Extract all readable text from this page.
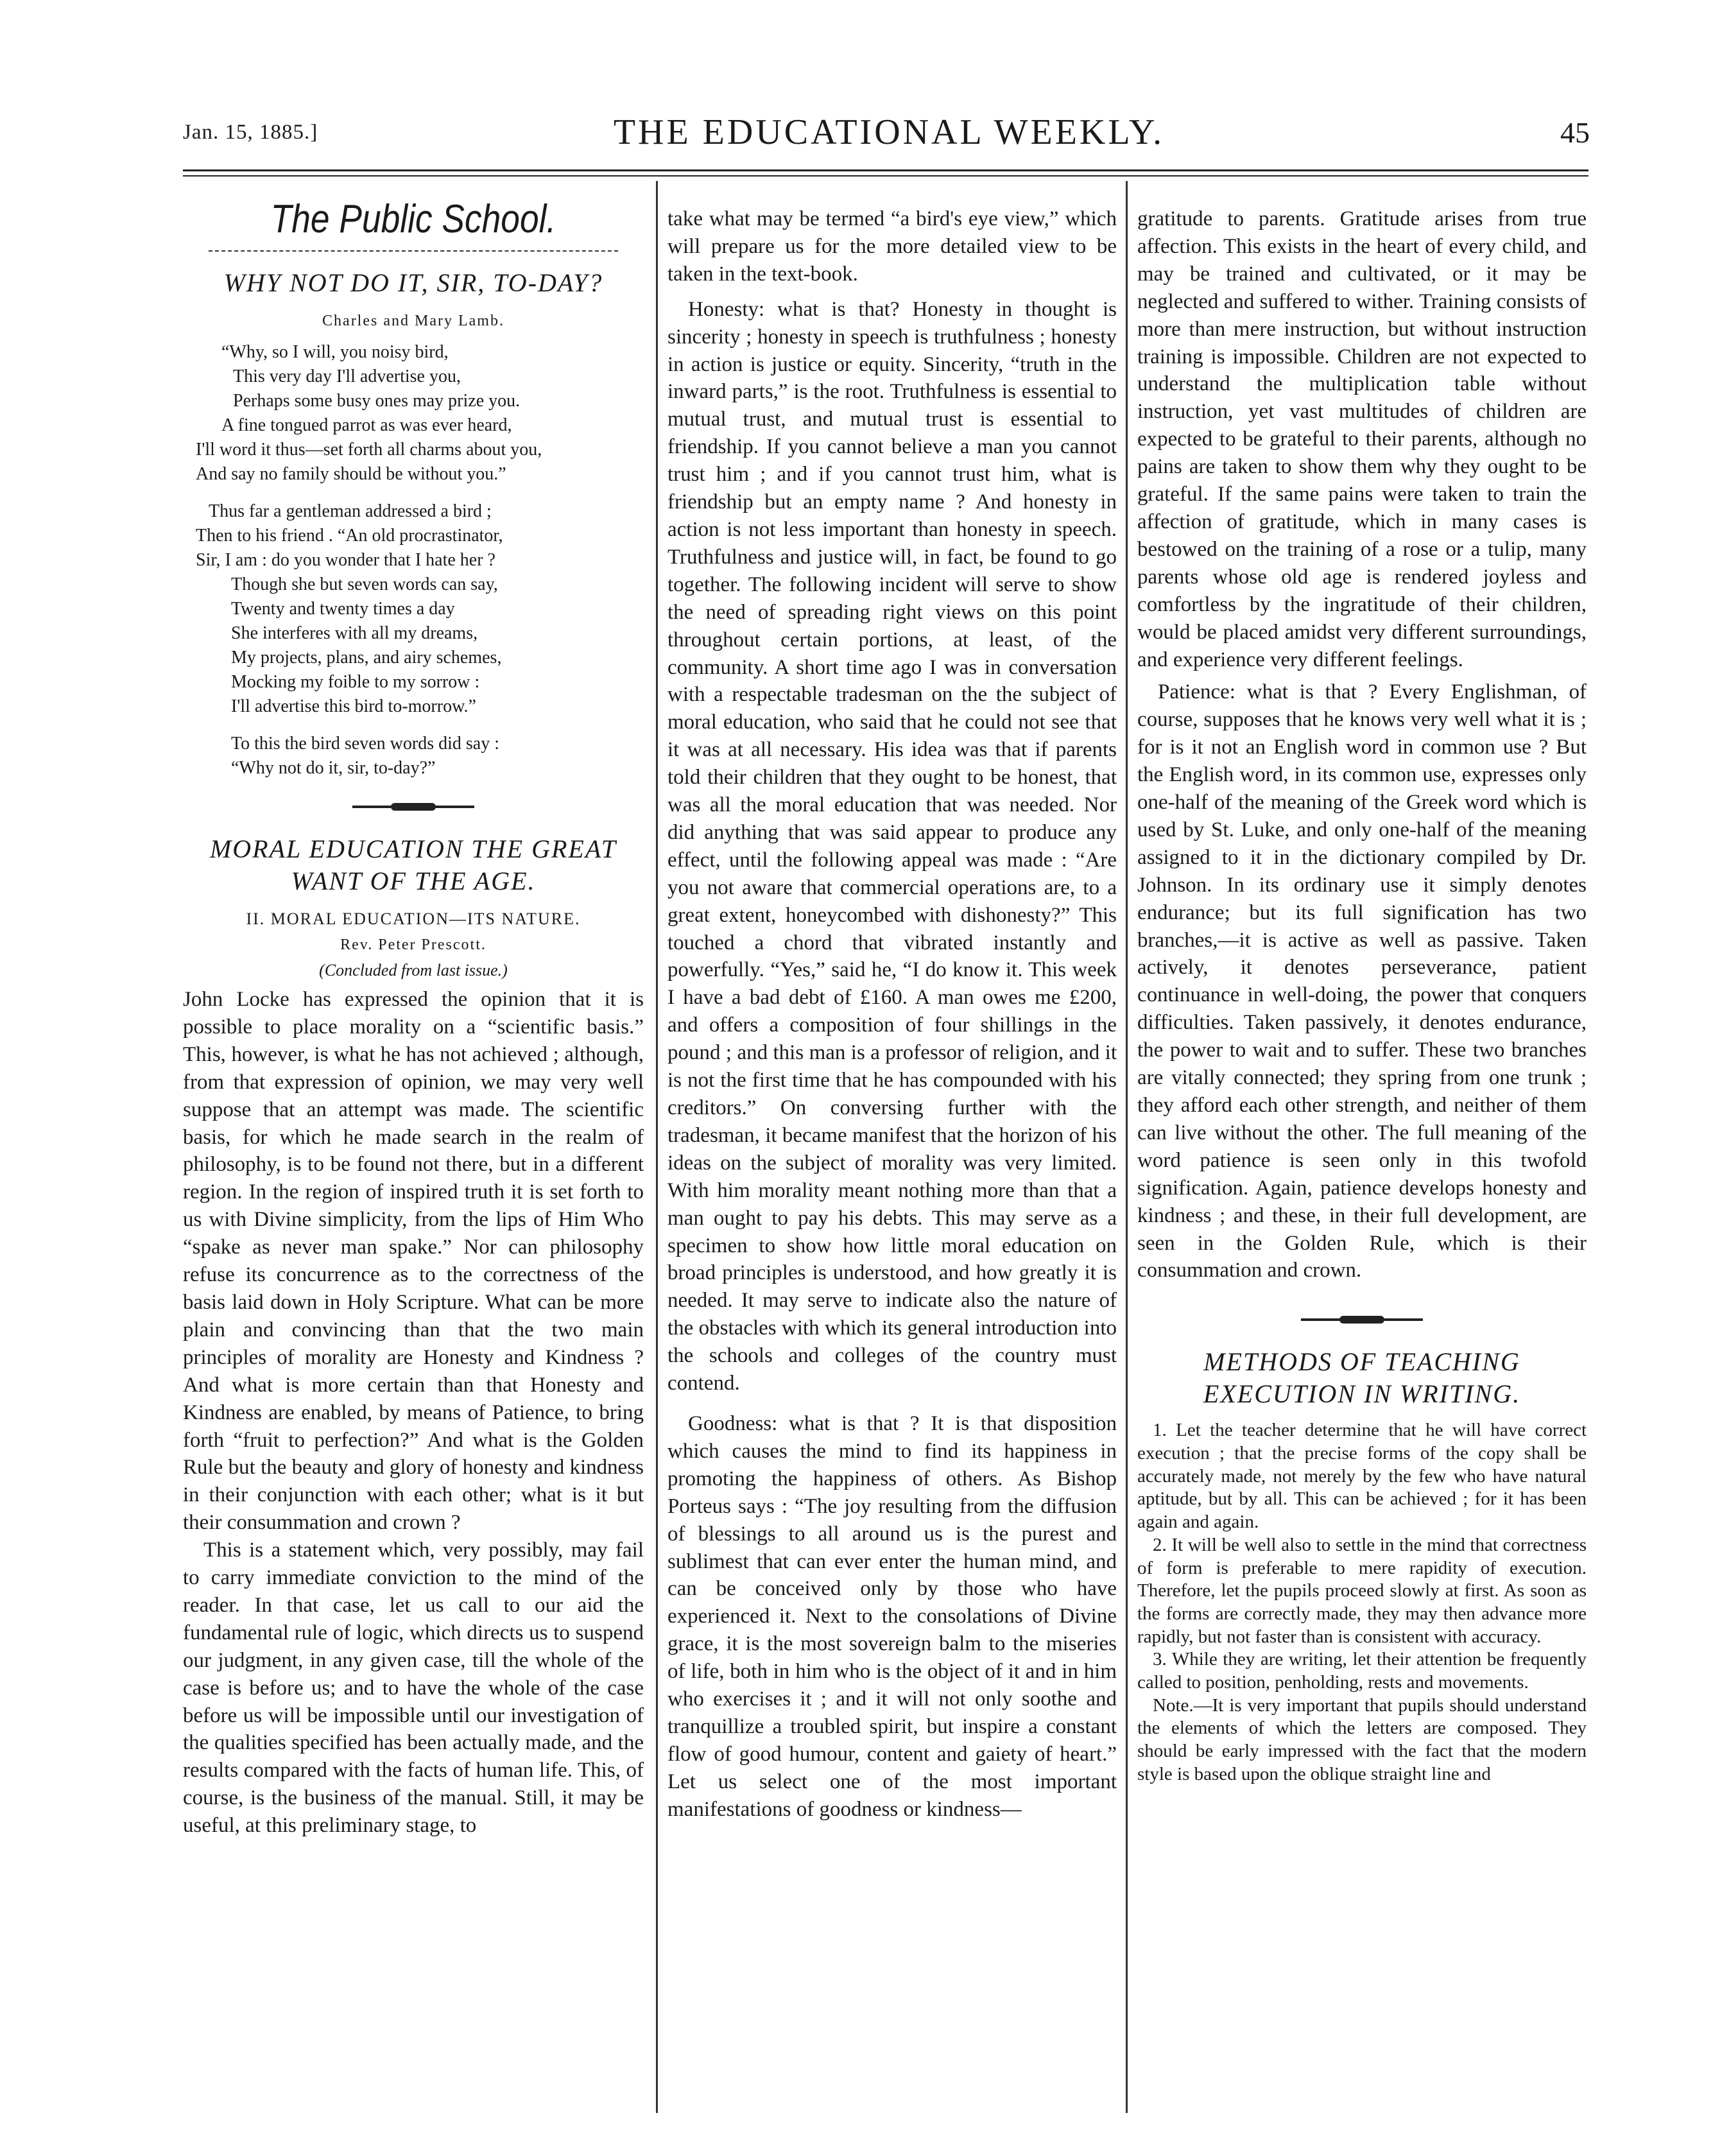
Jan. 15, 1885.]	THE EDUCATIONAL WEEKLY.	45
The Public School.
WHY NOT DO IT, SIR, TO-DAY?
Charles and Mary Lamb.
“Why, so I will, you noisy bird,
This very day I'll advertise you,
Perhaps some busy ones may prize you.
A fine tongued parrot as was ever heard,
I'll word it thus—set forth all charms about you,
And say no family should be without you.”
Thus far a gentleman addressed a bird ;
Then to his friend . “An old procrastinator,
Sir, I am : do you wonder that I hate her ?
Though she but seven words can say,
Twenty and twenty times a day
She interferes with all my dreams,
My projects, plans, and airy schemes,
Mocking my foible to my sorrow :
I'll advertise this bird to-morrow.”
To this the bird seven words did say :
“Why not do it, sir, to-day?”
MORAL EDUCATION THE GREAT WANT OF THE AGE.
II. MORAL EDUCATION—ITS NATURE.
Rev. Peter Prescott.
(Concluded from last issue.)

John Locke has expressed the opinion that it is possible to place morality on a “scientific basis.” This, however, is what he has not achieved ; although, from that expression of opinion, we may very well suppose that an attempt was made. The scientific basis, for which he made search in the realm of philosophy, is to be found not there, but in a different region. In the region of inspired truth it is set forth to us with Divine simplicity, from the lips of Him Who “spake as never man spake.” Nor can philosophy refuse its concurrence as to the correctness of the basis laid down in Holy Scripture. What can be more plain and convincing than that the two main principles of morality are Honesty and Kindness ? And what is more certain than that Honesty and Kindness are enabled, by means of Patience, to bring forth “fruit to perfection?” And what is the Golden Rule but the beauty and glory of honesty and kindness in their conjunction with each other; what is it but their consummation and crown ?

This is a statement which, very possibly, may fail to carry immediate conviction to the mind of the reader. In that case, let us call to our aid the fundamental rule of logic, which directs us to suspend our judgment, in any given case, till the whole of the case is before us; and to have the whole of the case before us will be impossible until our investigation of the qualities specified has been actually made, and the results compared with the facts of human life. This, of course, is the business of the manual. Still, it may be useful, at this preliminary stage, to

take what may be termed “a bird's eye view,” which will prepare us for the more detailed view to be taken in the text-book.

Honesty: what is that? Honesty in thought is sincerity ; honesty in speech is truthfulness ; honesty in action is justice or equity. Sincerity, “truth in the inward parts,” is the root. Truthfulness is essential to mutual trust, and mutual trust is essential to friendship. If you cannot believe a man you cannot trust him ; and if you cannot trust him, what is friendship but an empty name ? And honesty in action is not less important than honesty in speech. Truthfulness and justice will, in fact, be found to go together. The following incident will serve to show the need of spreading right views on this point throughout certain portions, at least, of the community. A short time ago I was in conversation with a respectable tradesman on the the subject of moral education, who said that he could not see that it was at all necessary. His idea was that if parents told their children that they ought to be honest, that was all the moral education that was needed. Nor did anything that was said appear to produce any effect, until the following appeal was made : “Are you not aware that commercial operations are, to a great extent, honeycombed with dishonesty?” This touched a chord that vibrated instantly and powerfully. “Yes,” said he, “I do know it. This week I have a bad debt of £160. A man owes me £200, and offers a composition of four shillings in the pound ; and this man is a professor of religion, and it is not the first time that he has compounded with his creditors.” On conversing further with the tradesman, it became manifest that the horizon of his ideas on the subject of morality was very limited. With him morality meant nothing more than that a man ought to pay his debts. This may serve as a specimen to show how little moral education on broad principles is understood, and how greatly it is needed. It may serve to indicate also the nature of the obstacles with which its general introduction into the schools and colleges of the country must contend.

Goodness: what is that ? It is that disposition which causes the mind to find its happiness in promoting the happiness of others. As Bishop Porteus says : “The joy resulting from the diffusion of blessings to all around us is the purest and sublimest that can ever enter the human mind, and can be conceived only by those who have experienced it. Next to the consolations of Divine grace, it is the most sovereign balm to the miseries of life, both in him who is the object of it and in him who exercises it ; and it will not only soothe and tranquillize a troubled spirit, but inspire a constant flow of good humour, content and gaiety of heart.” Let us select one of the most important manifestations of goodness or kindness—

gratitude to parents. Gratitude arises from true affection. This exists in the heart of every child, and may be trained and cultivated, or it may be neglected and suffered to wither. Training consists of more than mere instruction, but without instruction training is impossible. Children are not expected to understand the multiplication table without instruction, yet vast multitudes of children are expected to be grateful to their parents, although no pains are taken to show them why they ought to be grateful. If the same pains were taken to train the affection of gratitude, which in many cases is bestowed on the training of a rose or a tulip, many parents whose old age is rendered joyless and comfortless by the ingratitude of their children, would be placed amidst very different surroundings, and experience very different feelings.

Patience: what is that ? Every Englishman, of course, supposes that he knows very well what it is ; for is it not an English word in common use ? But the English word, in its common use, expresses only one-half of the meaning of the Greek word which is used by St. Luke, and only one-half of the meaning assigned to it in the dictionary compiled by Dr. Johnson. In its ordinary use it simply denotes endurance; but its full signification has two branches,—it is active as well as passive. Taken actively, it denotes perseverance, patient continuance in well-doing, the power that conquers difficulties. Taken passively, it denotes endurance, the power to wait and to suffer. These two branches are vitally connected; they spring from one trunk ; they afford each other strength, and neither of them can live without the other. The full meaning of the word patience is seen only in this twofold signification. Again, patience develops honesty and kindness ; and these, in their full development, are seen in the Golden Rule, which is their consummation and crown.

METHODS OF TEACHING EXECUTION IN WRITING.

1. Let the teacher determine that he will have correct execution ; that the precise forms of the copy shall be accurately made, not merely by the few who have natural aptitude, but by all. This can be achieved ; for it has been again and again.

2. It will be well also to settle in the mind that correctness of form is preferable to mere rapidity of execution. Therefore, let the pupils proceed slowly at first. As soon as the forms are correctly made, they may then advance more rapidly, but not faster than is consistent with accuracy.

3. While they are writing, let their attention be frequently called to position, penholding, rests and movements.

Note.—It is very important that pupils should understand the elements of which the letters are composed. They should be early impressed with the fact that the modern style is based upon the oblique straight line and
